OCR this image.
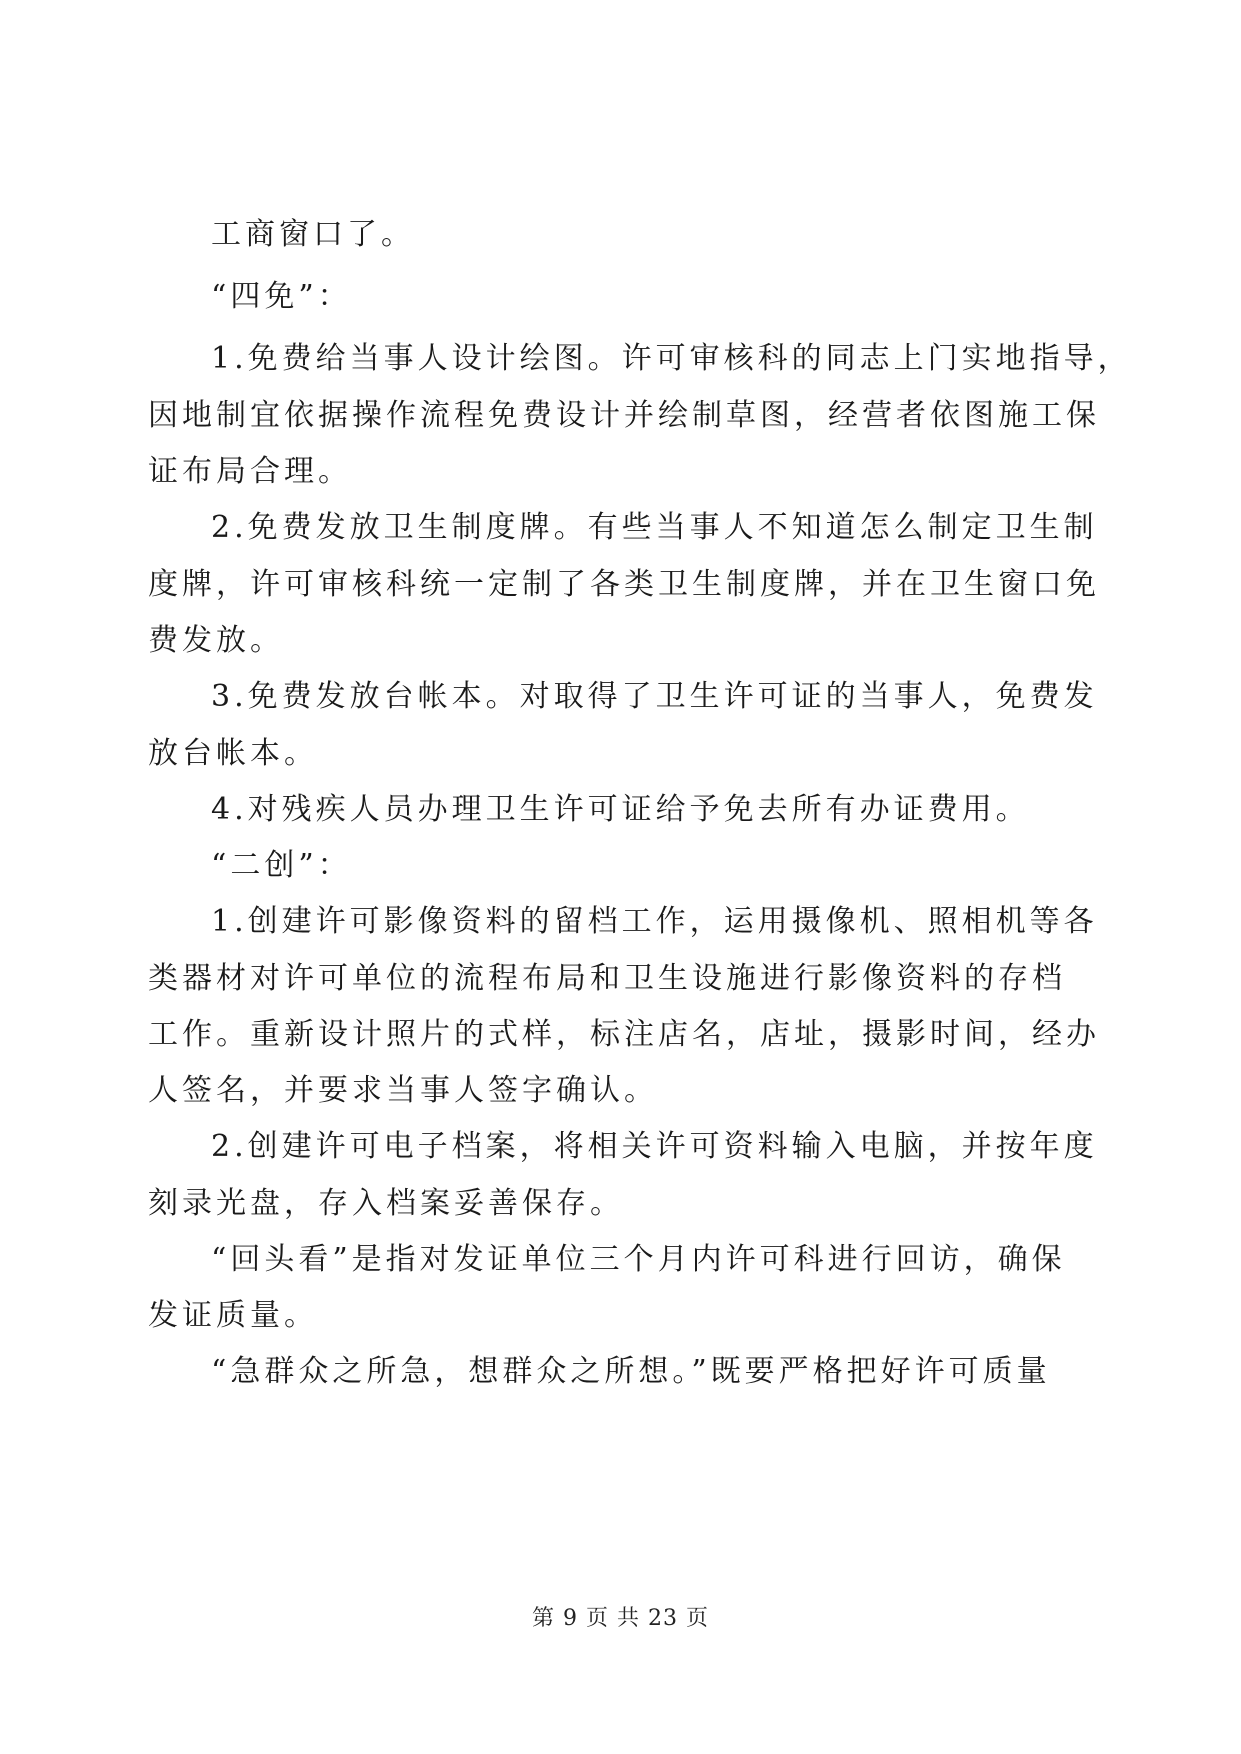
工商窗口了。
“四免”：
1.免费给当事人设计绘图。许可审核科的同志上门实地指导，
因地制宜依据操作流程免费设计并绘制草图，经营者依图施工保
证布局合理。
2.免费发放卫生制度牌。有些当事人不知道怎么制定卫生制
度牌，许可审核科统一定制了各类卫生制度牌，并在卫生窗口免
费发放。
3.免费发放台帐本。对取得了卫生许可证的当事人，免费发
放台帐本。
4.对残疾人员办理卫生许可证给予免去所有办证费用。
“二创”：
1.创建许可影像资料的留档工作，运用摄像机、照相机等各
类器材对许可单位的流程布局和卫生设施进行影像资料的存档
工作。重新设计照片的式样，标注店名，店址，摄影时间，经办
人签名，并要求当事人签字确认。
2.创建许可电子档案，将相关许可资料输入电脑，并按年度
刻录光盘，存入档案妥善保存。
“回头看”是指对发证单位三个月内许可科进行回访，确保
发证质量。
“急群众之所急，想群众之所想。”既要严格把好许可质量
第 9 页 共 23 页
